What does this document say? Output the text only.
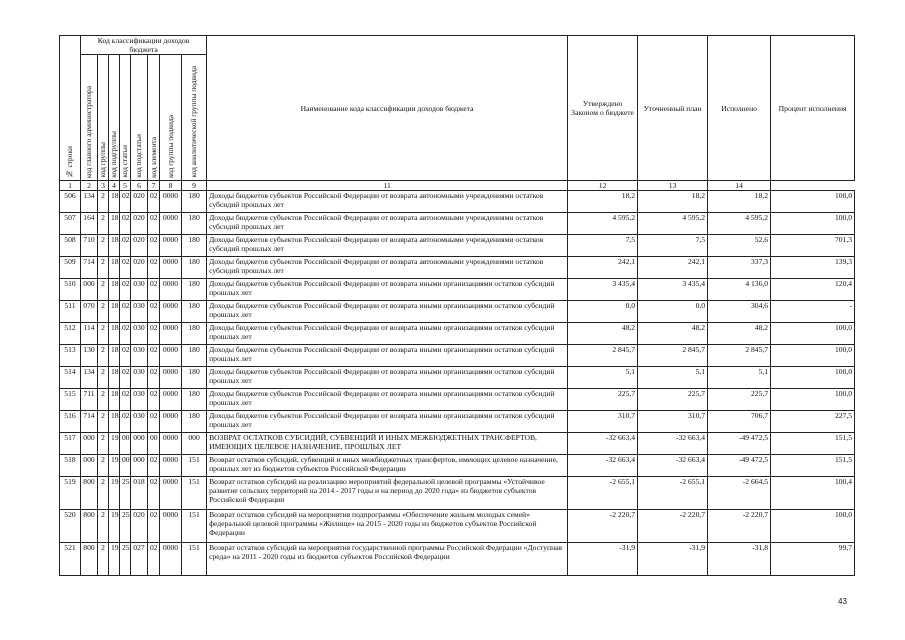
№ строки	Код классификации доходов бюджета								Наименование кода классификации доходов бюджета	Утверждено Законом о бюджете	Уточненный план	Исполнено	Процент исполнения

	код главного администратора	код группы	код подгруппы	код статьи	код подстатьи	код элемента	код группы подвида	код аналитической группы подвида					

1	2	3	4	5	6	7	8	9	11	12	13	14	
506	134	2	18	02	020	02	0000	180	Доходы бюджетов субъектов Российской Федерации от возврата автономными учреждениями остатков субсидий прошлых лет	18,2	18,2	18,2	100,0
507	164	2	18	02	020	02	0000	180	Доходы бюджетов субъектов Российской Федерации от возврата автономными учреждениями остатков субсидий прошлых лет	4 595,2	4 595,2	4 595,2	100,0
508	710	2	18	02	020	02	0000	180	Доходы бюджетов субъектов Российской Федерации от возврата автономными учреждениями остатков субсидий прошлых лет	7,5	7,5	52,6	701,3
509	714	2	18	02	020	02	0000	180	Доходы бюджетов субъектов Российской Федерации от возврата автономными учреждениями остатков субсидий прошлых лет	242,1	242,1	337,3	139,3
510	000	2	18	02	030	02	0000	180	Доходы бюджетов субъектов Российской Федерации от возврата иными организациями остатков субсидий прошлых лет	3 435,4	3 435,4	4 136,0	120,4
511	070	2	18	02	030	02	0000	180	Доходы бюджетов субъектов Российской Федерации от возврата иными организациями остатков субсидий прошлых лет	0,0	0,0	304,6	-
512	114	2	18	02	030	02	0000	180	Доходы бюджетов субъектов Российской Федерации от возврата иными организациями остатков субсидий прошлых лет	48,2	48,2	48,2	100,0
513	130	2	18	02	030	02	0000	180	Доходы бюджетов субъектов Российской Федерации от возврата иными организациями остатков субсидий прошлых лет	2 845,7	2 845,7	2 845,7	100,0
514	134	2	18	02	030	02	0000	180	Доходы бюджетов субъектов Российской Федерации от возврата иными организациями остатков субсидий прошлых лет	5,1	5,1	5,1	100,0
515	711	2	18	02	030	02	0000	180	Доходы бюджетов субъектов Российской Федерации от возврата иными организациями остатков субсидий прошлых лет	225,7	225,7	225,7	100,0
516	714	2	18	02	030	02	0000	180	Доходы бюджетов субъектов Российской Федерации от возврата иными организациями остатков субсидий прошлых лет	310,7	310,7	706,7	227,5
517	000	2	19	00	000	00	0000	000	ВОЗВРАТ ОСТАТКОВ СУБСИДИЙ, СУБВЕНЦИЙ И ИНЫХ МЕЖБЮДЖЕТНЫХ ТРАНСФЕРТОВ, ИМЕЮЩИХ ЦЕЛЕВОЕ НАЗНАЧЕНИЕ, ПРОШЛЫХ ЛЕТ	-32 663,4	-32 663,4	-49 472,5	151,5
518	000	2	19	00	000	02	0000	151	Возврат остатков субсидий, субвенций и иных межбюджетных трансфертов, имеющих целевое назначение, прошлых лет из бюджетов субъектов Российской Федерации	-32 663,4	-32 663,4	-49 472,5	151,5
519	800	2	19	25	018	02	0000	151	Возврат остатков субсидий на реализацию мероприятий федеральной целевой программы «Устойчивое развитие сельских территорий на 2014 - 2017 годы и на период до 2020 года» из бюджетов субъектов Российской Федерации	-2 655,1	-2 655,1	-2 664,5	100,4
520	800	2	19	25	020	02	0000	151	Возврат остатков субсидий на мероприятия подпрограммы «Обеспечение жильем молодых семей» федеральной целевой программы «Жилище» на 2015 - 2020 годы из бюджетов субъектов Российской Федерации	-2 220,7	-2 220,7	-2 220,7	100,0
521	800	2	19	25	027	02	0000	151	Возврат остатков субсидий на мероприятия государственной программы Российской Федерации «Доступная среда» на 2011 - 2020 годы из бюджетов субъектов Российской Федерации	-31,9	-31,9	-31,8	99,7
43
